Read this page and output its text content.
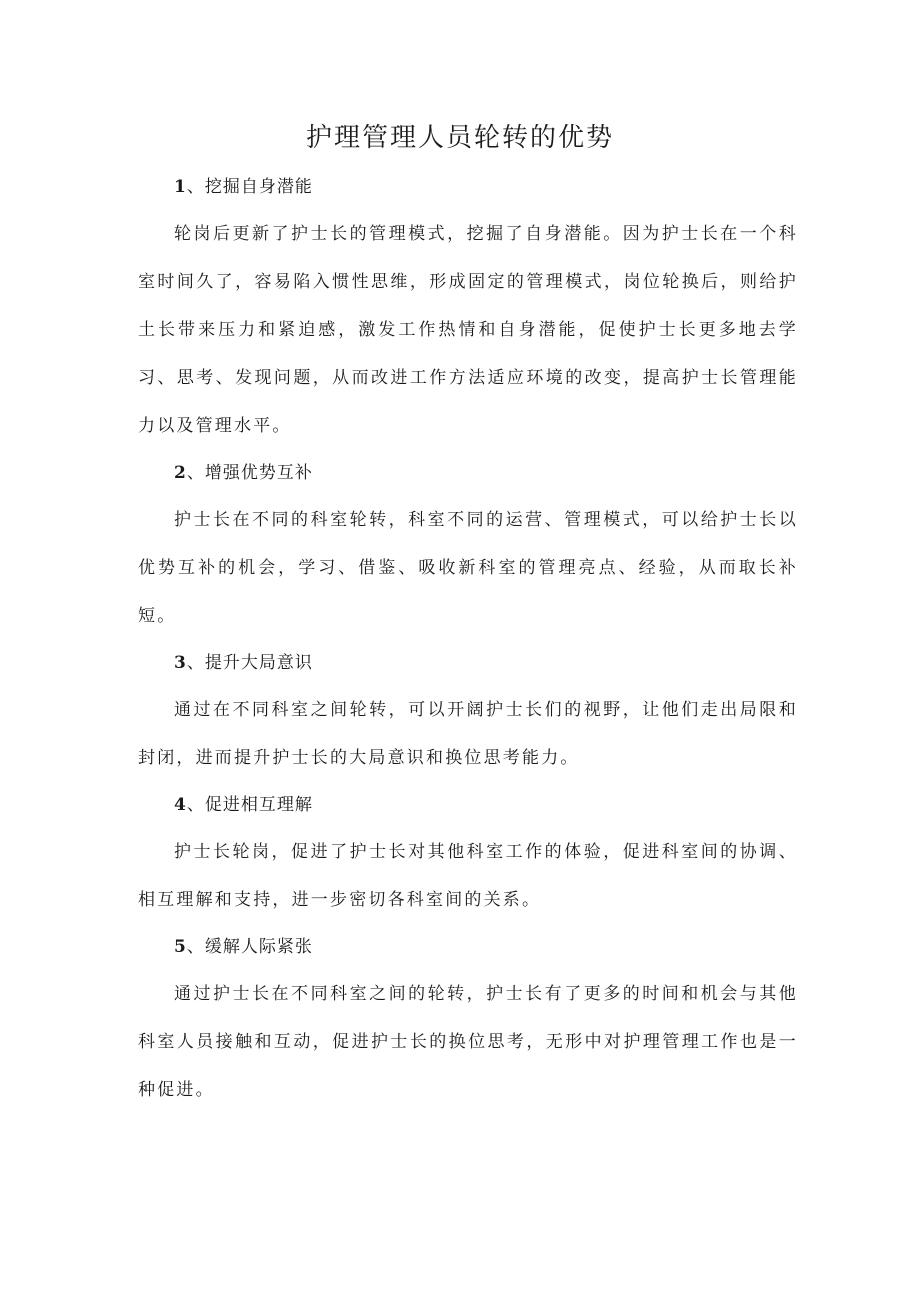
护理管理人员轮转的优势
1、挖掘自身潜能

轮岗后更新了护士长的管理模式，挖掘了自身潜能。因为护士长在一个科室时间久了，容易陷入惯性思维，形成固定的管理模式，岗位轮换后，则给护土长带来压力和紧迫感，激发工作热情和自身潜能，促使护士长更多地去学习、思考、发现问题，从而改进工作方法适应环境的改变，提高护士长管理能力以及管理水平。

2、增强优势互补

护士长在不同的科室轮转，科室不同的运营、管理模式，可以给护士长以优势互补的机会，学习、借鉴、吸收新科室的管理亮点、经验，从而取长补短。

3、提升大局意识

通过在不同科室之间轮转，可以开阔护士长们的视野，让他们走出局限和封闭，进而提升护士长的大局意识和换位思考能力。

4、促进相互理解

护士长轮岗，促进了护士长对其他科室工作的体验，促进科室间的协调、相互理解和支持，进一步密切各科室间的关系。

5、缓解人际紧张

通过护士长在不同科室之间的轮转，护士长有了更多的时间和机会与其他科室人员接触和互动，促进护士长的换位思考，无形中对护理管理工作也是一种促进。
